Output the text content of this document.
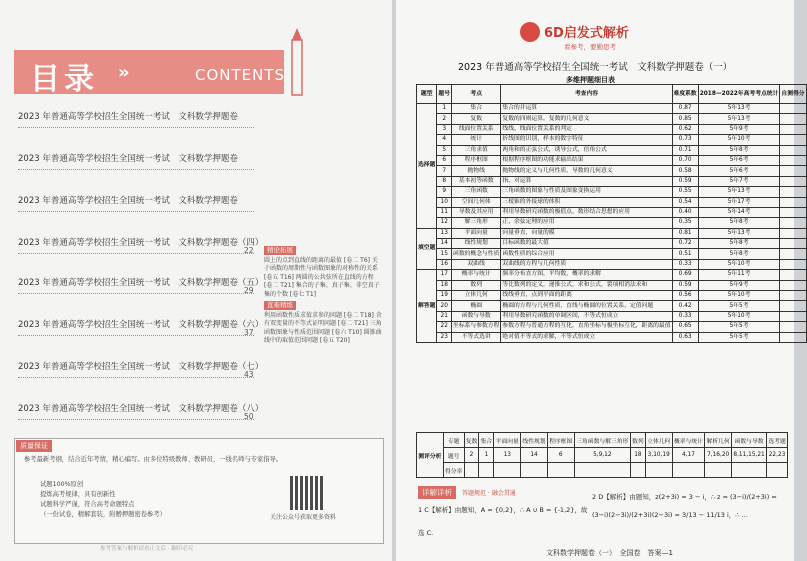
目录 »	CONTENTS
2023 年普通高等学校招生全国统一考试　文科数学押题卷
2023 年普通高等学校招生全国统一考试　文科数学押题卷
2023 年普通高等学校招生全国统一考试　文科数学押题卷
2023 年普通高等学校招生全国统一考试　文科数学押题卷（四）
22
2023 年普通高等学校招生全国统一考试　文科数学押题卷（五）
29
2023 年普通高等学校招生全国统一考试　文科数学押题卷（六）
37
2023 年普通高等学校招生全国统一考试　文科数学押题卷（七）
43
2023 年普通高等学校招生全国统一考试　文科数学押题卷（八）
50
精论拓展
圆上的点到直线的距离的最值 [卷二 T6] 关于函数的周期性与函数图象的对称性的关系 [卷五 T16] 两圆的公共弦所在直线的方程 [卷二 T21] 集合的子集、真子集、非空真子集的个数 [卷七 T1]
直难精练
利用函数性质求值求参的问题 [卷二 T18] 含有双变量的不等式证明问题 [卷二 T21] 三角函数图象与性质范围问题 [卷六 T10] 圆锥曲线中的取值范围问题 [卷五 T20]
质量保证
参考最新考纲，结合近年考情，精心编写。由多位特级教师、教研员、一线名师与专家指导。
试题100%原创
提炼高考规律，具有创新性
试题科学严谨，符合高考命题特点
（一份试卷，精解套装，附赠押题密卷参考）	关注公众号获取更多资料
参考答案与解析请看正文后 · 翻印必究
6D启发式解析
看参考，要勤思考
2023 年普通高等学校招生全国统一考试　文科数学押题卷（一）
多维押题细目表
题型	题号	考点	考查内容	难度系数	2018—2022年高考考点统计	自测得分
选择题	1	集合	集合的并运算	0.87	5年13考	
	2	复数	复数的四则运算，复数的几何意义	0.85	5年13考	
	3	线面位置关系	线线、线面位置关系的判定	0.62	5年9考	
	4	统计	折线图的识别，样本的数字特征	0.73	5年10考	
	5	三角求值	两角和的正弦公式，诱导公式，倍角公式	0.71	5年8考	
	6	程序框图	根据程序框图的功能求输出结果	0.70	5年6考	
	7	抛物线	抛物线的定义与几何性质，导数的几何意义	0.58	5年6考	
	8	基本初等函数	指、对运算	0.59	5年7考	
	9	三角函数	三角函数的图象与性质及图象变换运用	0.55	5年13考	
	10	空间几何体	三棱锥的外接球的体积	0.54	5年17考	
	11	导数及其应用	利用导数研究函数的极值点，数形结合思想的应用	0.40	5年14考	
	12	解三角形	正、余弦定理的应用	0.35	5年8考	
填空题	13	平面向量	向量垂直，向量的模	0.81	5年13考	
	14	线性规划	目标函数的最大值	0.72	5年8考	
	15	函数的概念与性质	函数性质的综合应用	0.51	5年8考	
	16	双曲线	双曲线的方程与几何性质	0.33	5年10考	
解答题	17	概率与统计	频率分布直方图，平均数，概率的求解	0.69	5年11考	
	18	数列	等比数列的定义，递推公式，求和公式，裂项相消法求和	0.59	5年9考	
	19	立体几何	线线垂直，点到平面的距离	0.56	5年10考	
	20	椭圆	椭圆的方程与几何性质，直线与椭圆的位置关系，定值问题	0.42	5年5考	
	21	函数与导数	利用导数研究函数的单调区间，不等式恒成立	0.33	5年10考	
	22	坐标系与参数方程	参数方程与普通方程的互化，直角坐标与极坐标互化，距离的最值	0.65	5年5考	
	23	不等式选讲	绝对值不等式的求解，不等式恒成立	0.63	5年5考	
测评分析	专题	复数	集合	平面向量	线性规划	程序框图	三角函数与解三角形	数列	立体几何	概率与统计	解析几何	函数与导数	选考题
	题号	2	1	13	14	6	5,9,12	18	3,10,19	4,17	7,16,20	8,11,15,21	22,23
	得分率												
详解详析	答题规范 · 融会贯通
1 C【解析】由题知，A = {0,2}，∴ A ∪ B = {-1,2}，故
选 C.
2 D【解析】由题知，z(2+3i) = 3 − i，∴ z = (3−i)/(2+3i) =
(3−i)(2−3i)/(2+3i)(2−3i) = 3/13 − 11/13 i，∴ …
文科数学押题卷（一）　全国卷　答案—1
